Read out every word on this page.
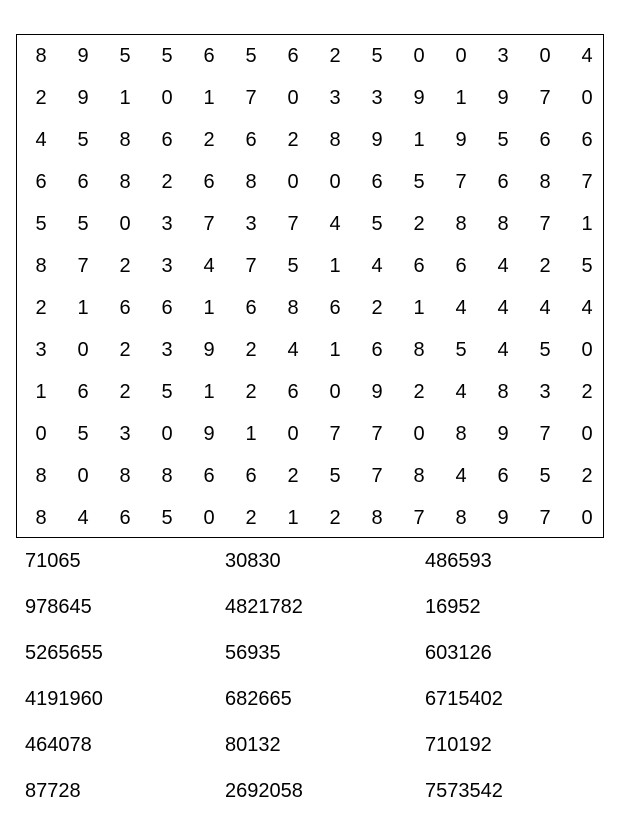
8	9	5	5	6	5	6	2	5	0	0	3	0	4
2	9	1	0	1	7	0	3	3	9	1	9	7	0
4	5	8	6	2	6	2	8	9	1	9	5	6	6
6	6	8	2	6	8	0	0	6	5	7	6	8	7
5	5	0	3	7	3	7	4	5	2	8	8	7	1
8	7	2	3	4	7	5	1	4	6	6	4	2	5
2	1	6	6	1	6	8	6	2	1	4	4	4	4
3	0	2	3	9	2	4	1	6	8	5	4	5	0
1	6	2	5	1	2	6	0	9	2	4	8	3	2
0	5	3	0	9	1	0	7	7	0	8	9	7	0
8	0	8	8	6	6	2	5	7	8	4	6	5	2
8	4	6	5	0	2	1	2	8	7	8	9	7	0
71065	30830	486593
978645	4821782	16952
5265655	56935	603126
4191960	682665	6715402
464078	80132	710192
87728	2692058	7573542
